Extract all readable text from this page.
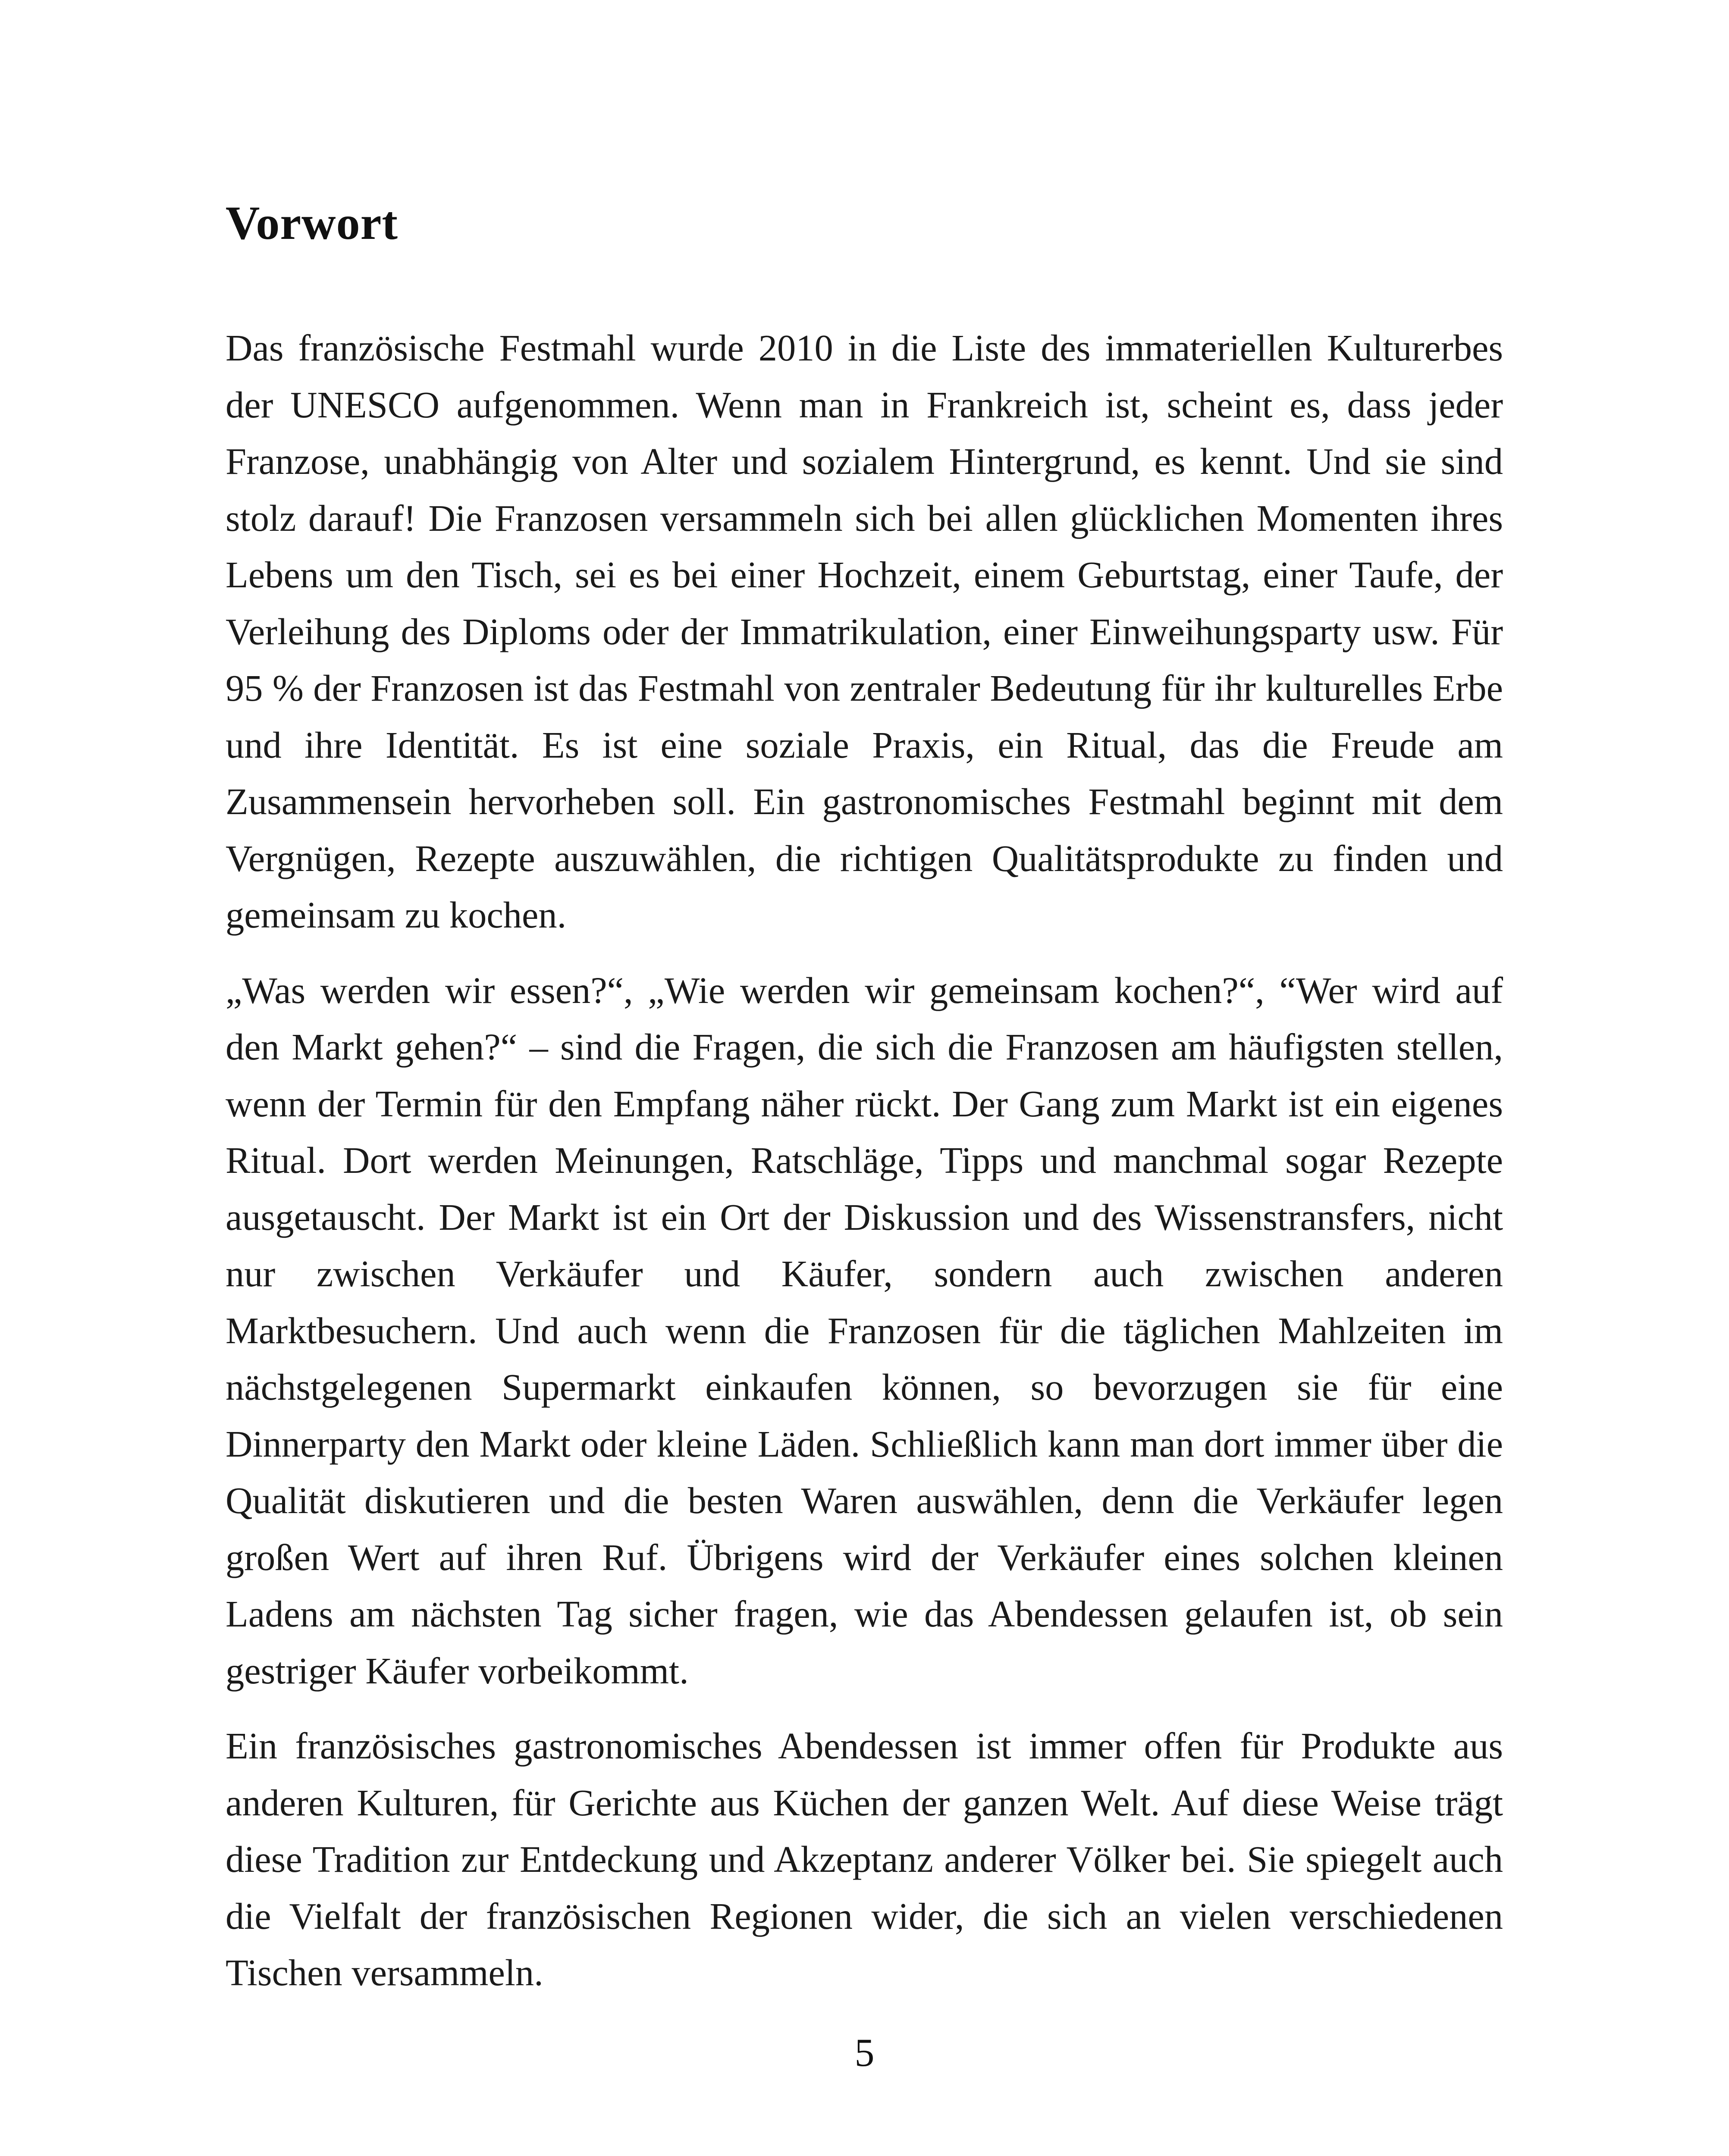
Vorwort

Das französische Festmahl wurde 2010 in die Liste des immateriellen Kulturerbes der UNESCO aufgenommen. Wenn man in Frankreich ist, scheint es, dass jeder Franzose, unabhängig von Alter und sozialem Hintergrund, es kennt. Und sie sind stolz darauf! Die Franzosen versammeln sich bei allen glücklichen Momenten ihres Lebens um den Tisch, sei es bei einer Hochzeit, einem Geburtstag, einer Taufe, der Verleihung des Diploms oder der Immatrikulation, einer Einweihungsparty usw. Für 95 % der Franzosen ist das Festmahl von zentraler Bedeutung für ihr kulturelles Erbe und ihre Identität. Es ist eine soziale Praxis, ein Ritual, das die Freude am Zusammensein hervorheben soll. Ein gastronomisches Festmahl beginnt mit dem Vergnügen, Rezepte auszuwählen, die richtigen Qualitätsprodukte zu finden und gemeinsam zu kochen.

„Was werden wir essen?“, „Wie werden wir gemeinsam kochen?“, “Wer wird auf den Markt gehen?“ – sind die Fragen, die sich die Franzosen am häufigsten stellen, wenn der Termin für den Empfang näher rückt. Der Gang zum Markt ist ein eigenes Ritual. Dort werden Meinungen, Ratschläge, Tipps und manchmal sogar Rezepte ausgetauscht. Der Markt ist ein Ort der Diskussion und des Wissenstransfers, nicht nur zwischen Verkäufer und Käufer, sondern auch zwischen anderen Marktbesuchern. Und auch wenn die Franzosen für die täglichen Mahlzeiten im nächstgelegenen Supermarkt einkaufen können, so bevorzugen sie für eine Dinnerparty den Markt oder kleine Läden. Schließlich kann man dort immer über die Qualität diskutieren und die besten Waren auswählen, denn die Verkäufer legen großen Wert auf ihren Ruf. Übrigens wird der Verkäufer eines solchen kleinen Ladens am nächsten Tag sicher fragen, wie das Abendessen gelaufen ist, ob sein gestriger Käufer vorbeikommt.

Ein französisches gastronomisches Abendessen ist immer offen für Produkte aus anderen Kulturen, für Gerichte aus Küchen der ganzen Welt. Auf diese Weise trägt diese Tradition zur Entdeckung und Akzeptanz anderer Völker bei. Sie spiegelt auch die Vielfalt der französischen Regionen wider, die sich an vielen verschiedenen Tischen versammeln.

5
